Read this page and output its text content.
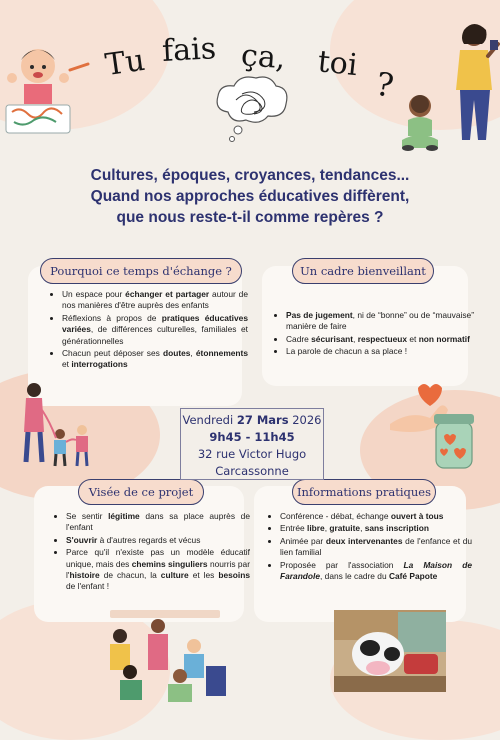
Tu fais ça, toi
?
Cultures, époques, croyances, tendances...
Quand nos approches éducatives diffèrent,
que nous reste-t-il comme repères ?
Pourquoi ce temps d'échange ?	Un cadre bienveillant
Visée de ce projet	Informations pratiques
• Un espace pour échanger et partager autour de nos manières d'être auprès des enfants
• Réflexions à propos de pratiques éducatives variées, de différences culturelles, familiales et générationnelles
• Chacun peut déposer ses doutes, étonnements et interrogations
• Pas de jugement, ni de “bonne” ou de “mauvaise” manière de faire
• Cadre sécurisant, respectueux et non normatif
• La parole de chacun a sa place !
• Se sentir légitime dans sa place auprès de l'enfant
• S'ouvrir à d'autres regards et vécus
• Parce qu'il n'existe pas un modèle éducatif unique, mais des chemins singuliers nourris par l'histoire de chacun, la culture et les besoins de l'enfant !
• Conférence - débat, échange ouvert à tous
• Entrée libre, gratuite, sans inscription
• Animée par deux intervenantes de l'enfance et du lien familial
• Proposée par l'association La Maison de Farandole, dans le cadre du Café Papote
Vendredi 27 Mars 2026
9h45 - 11h45
32 rue Victor Hugo
Carcassonne
